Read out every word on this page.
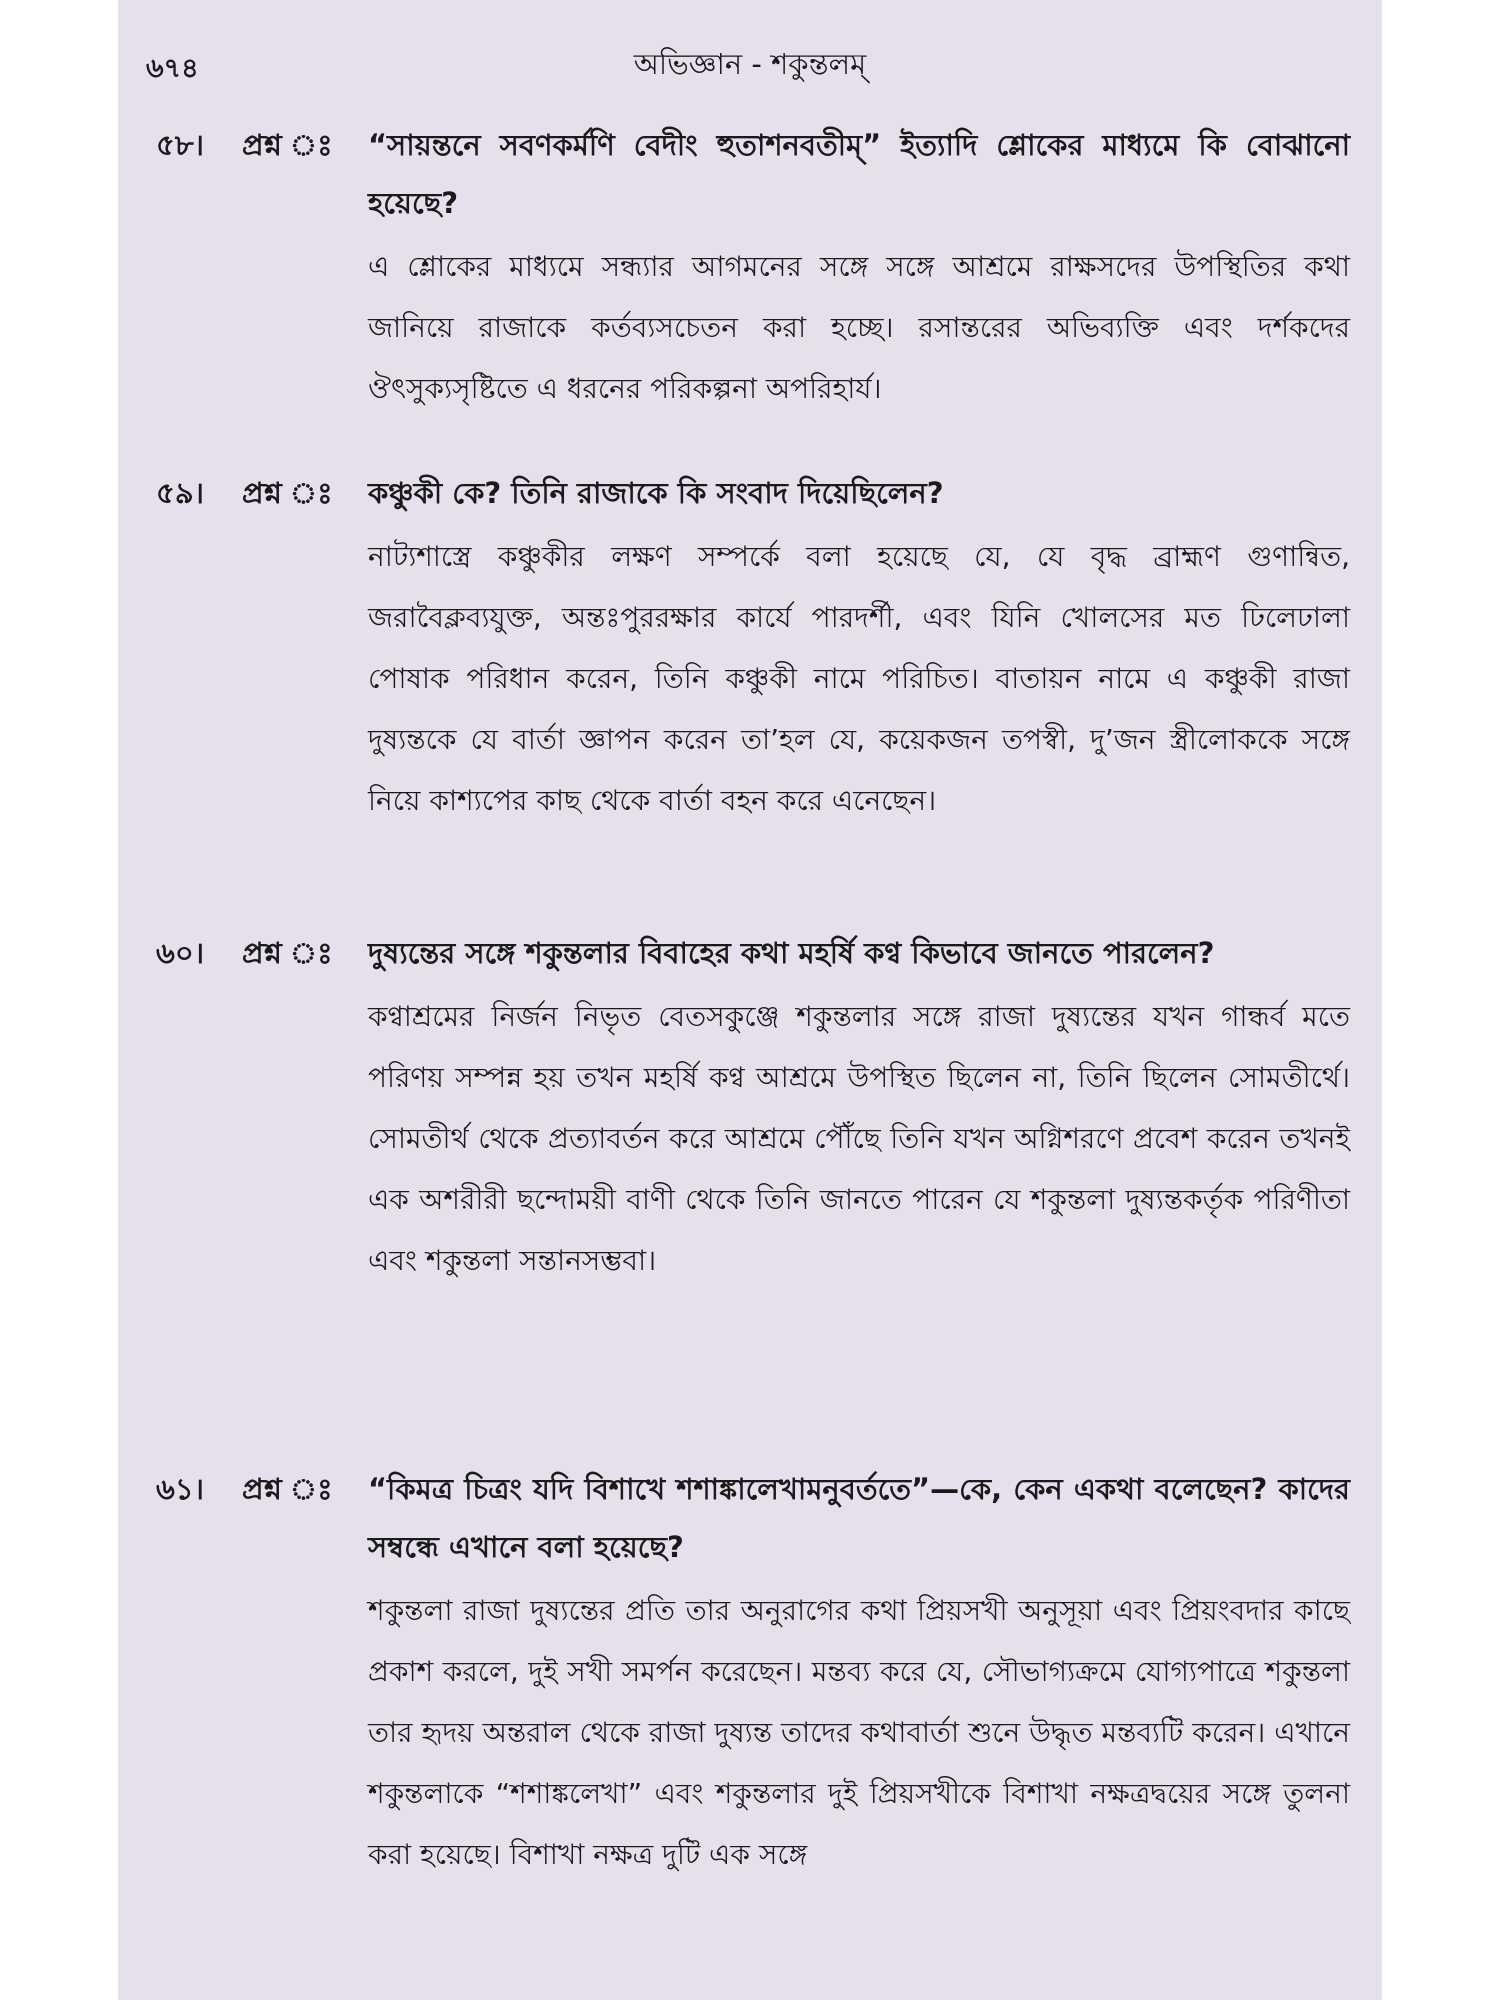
৬৭৪	অভিজ্ঞান - শকুন্তলম্
৫৮।	প্রশ্ন ঃ	“সায়ন্তনে সবণকর্মণি বেদীং হুতাশনবতীম্” ইত্যাদি শ্লোকের মাধ্যমে কি বোঝানো হয়েছে?
এ শ্লোকের মাধ্যমে সন্ধ্যার আগমনের সঙ্গে সঙ্গে আশ্রমে রাক্ষসদের উপস্থিতির কথা জানিয়ে রাজাকে কর্তব্যসচেতন করা হচ্ছে। রসান্তরের অভিব্যক্তি এবং দর্শকদের ঔৎসুক্যসৃষ্টিতে এ ধরনের পরিকল্পনা অপরিহার্য।
৫৯।	প্রশ্ন ঃ	কঞ্চুকী কে? তিনি রাজাকে কি সংবাদ দিয়েছিলেন?
নাট্যশাস্ত্রে কঞ্চুকীর লক্ষণ সম্পর্কে বলা হয়েছে যে, যে বৃদ্ধ ব্রাহ্মণ গুণান্বিত, জরাবৈক্লব্যযুক্ত, অন্তঃপুররক্ষার কার্যে পারদর্শী, এবং যিনি খোলসের মত ঢিলেঢালা পোষাক পরিধান করেন, তিনি কঞ্চুকী নামে পরিচিত। বাতায়ন নামে এ কঞ্চুকী রাজা দুষ্যন্তকে যে বার্তা জ্ঞাপন করেন তা’হল যে, কয়েকজন তপস্বী, দু’জন স্ত্রীলোককে সঙ্গে নিয়ে কাশ্যপের কাছ থেকে বার্তা বহন করে এনেছেন।
৬০।	প্রশ্ন ঃ	দুষ্যন্তের সঙ্গে শকুন্তলার বিবাহের কথা মহর্ষি কণ্ব কিভাবে জানতে পারলেন?
কণ্বাশ্রমের নির্জন নিভৃত বেতসকুঞ্জে শকুন্তলার সঙ্গে রাজা দুষ্যন্তের যখন গান্ধর্ব মতে পরিণয় সম্পন্ন হয় তখন মহর্ষি কণ্ব আশ্রমে উপস্থিত ছিলেন না, তিনি ছিলেন সোমতীর্থে। সোমতীর্থ থেকে প্রত্যাবর্তন করে আশ্রমে পৌঁছে তিনি যখন অগ্নিশরণে প্রবেশ করেন তখনই এক অশরীরী ছন্দোময়ী বাণী থেকে তিনি জানতে পারেন যে শকুন্তলা দুষ্যন্তকর্তৃক পরিণীতা এবং শকুন্তলা সন্তানসম্ভবা।
৬১।	প্রশ্ন ঃ	“কিমত্র চিত্রং যদি বিশাখে শশাঙ্কালেখামনুবর্ততে”—কে, কেন একথা বলেছেন? কাদের সম্বন্ধে এখানে বলা হয়েছে?
শকুন্তলা রাজা দুষ্যন্তের প্রতি তার অনুরাগের কথা প্রিয়সখী অনুসূয়া এবং প্রিয়ংবদার কাছে প্রকাশ করলে, দুই সখী সমর্পন করেছেন। মন্তব্য করে যে, সৌভাগ্যক্রমে যোগ্যপাত্রে শকুন্তলা তার হৃদয় অন্তরাল থেকে রাজা দুষ্যন্ত তাদের কথাবার্তা শুনে উদ্ধৃত মন্তব্যটি করেন। এখানে শকুন্তলাকে “শশাঙ্কলেখা” এবং শকুন্তলার দুই প্রিয়সখীকে বিশাখা নক্ষত্রদ্বয়ের সঙ্গে তুলনা করা হয়েছে। বিশাখা নক্ষত্র দুটি এক সঙ্গে
